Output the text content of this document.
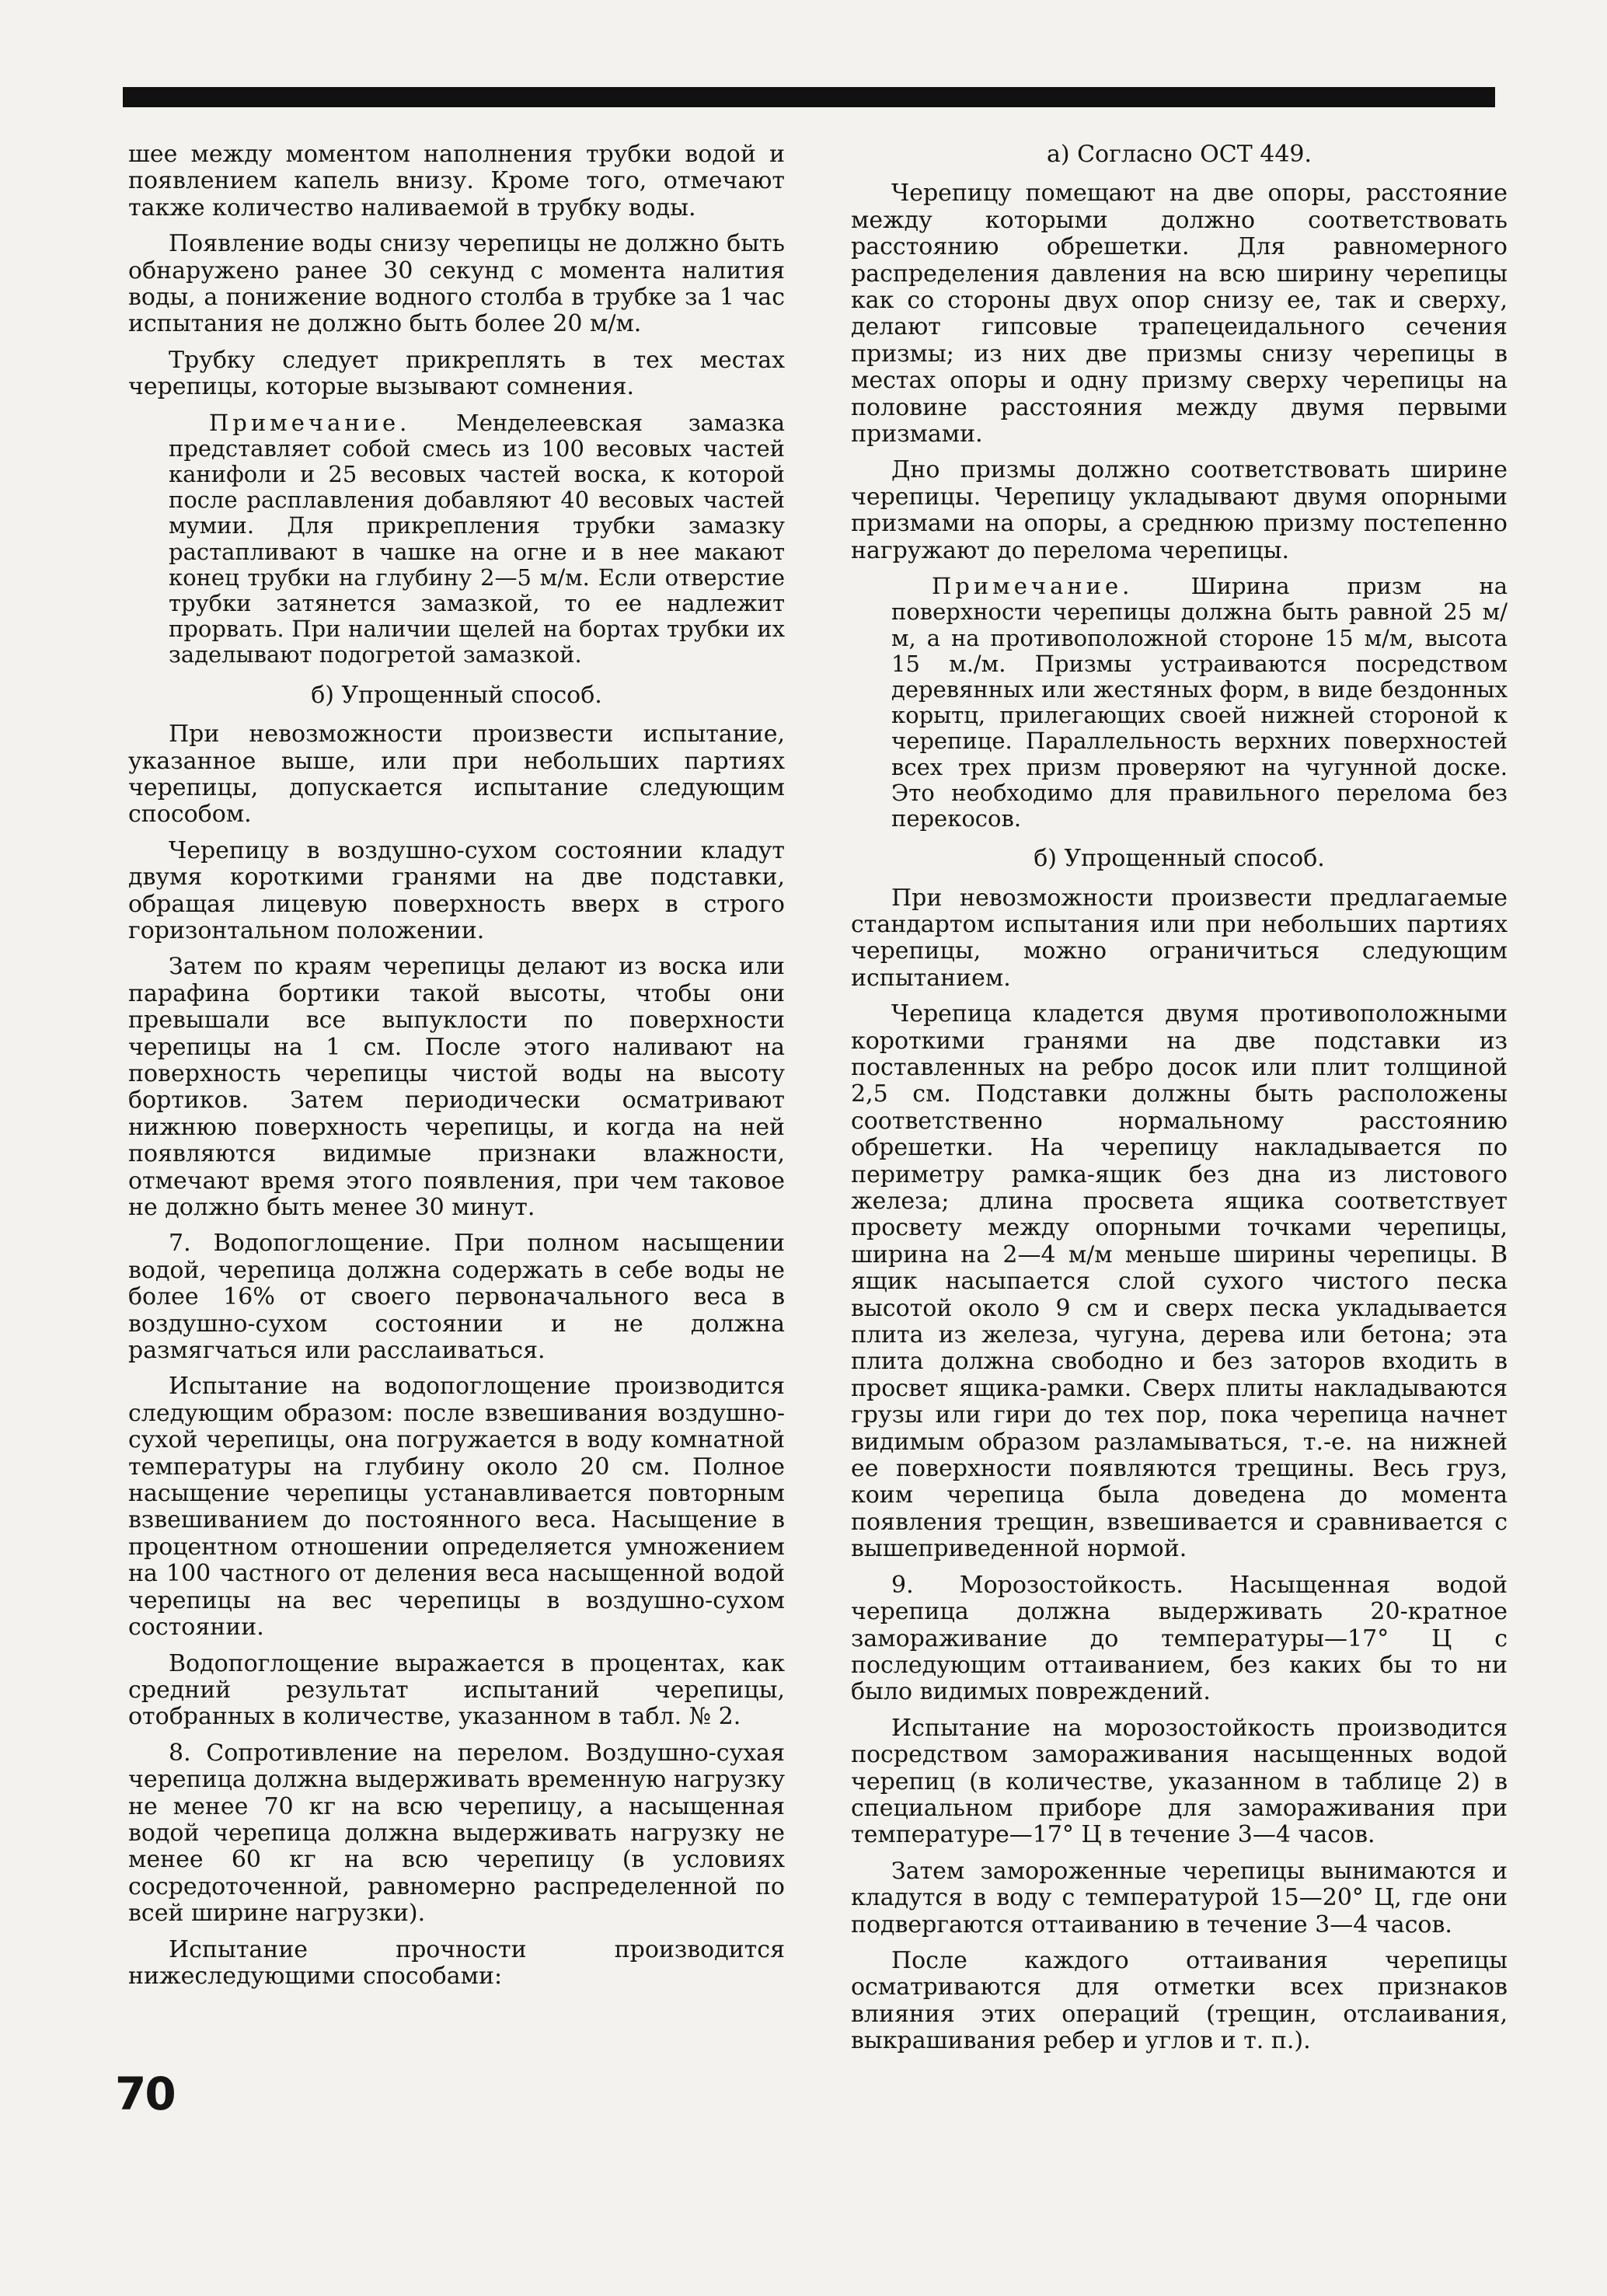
шее между моментом наполнения трубки водой и появлением капель внизу. Кроме того, отмечают также количество наливаемой в трубку воды.

Появление воды снизу черепицы не должно быть обнаружено ранее 30 секунд с момента налития воды, а понижение водного столба в трубке за 1 час испытания не должно быть более 20 м/м.

Трубку следует прикреплять в тех местах черепицы, которые вызывают сомнения.

Примечание. Менделеевская замазка представляет собой смесь из 100 весовых частей канифоли и 25 весовых частей воска, к которой после расплавления добавляют 40 весовых частей мумии. Для прикрепления трубки замазку растапливают в чашке на огне и в нее макают конец трубки на глубину 2—5 м/м. Если отверстие трубки затянется замазкой, то ее надлежит прорвать. При наличии щелей на бортах трубки их заделывают подогретой замазкой.

б) Упрощенный способ.

При невозможности произвести испытание, указанное выше, или при небольших партиях черепицы, допускается испытание следующим способом.

Черепицу в воздушно-сухом состоянии кладут двумя короткими гранями на две подставки, обращая лицевую поверхность вверх в строго горизонтальном положении.

Затем по краям черепицы делают из воска или парафина бортики такой высоты, чтобы они превышали все выпуклости по поверхности черепицы на 1 см. После этого наливают на поверхность черепицы чистой воды на высоту бортиков. Затем периодически осматривают нижнюю поверхность черепицы, и когда на ней появляются видимые признаки влажности, отмечают время этого появления, при чем таковое не должно быть менее 30 минут.

7. Водопоглощение. При полном насыщении водой, черепица должна содержать в себе воды не более 16% от своего первоначального веса в воздушно-сухом состоянии и не должна размягчаться или расслаиваться.

Испытание на водопоглощение производится следующим образом: после взвешивания воздушно-сухой черепицы, она погружается в воду комнатной температуры на глубину около 20 см. Полное насыщение черепицы устанавливается повторным взвешиванием до постоянного веса. Насыщение в процентном отношении определяется умножением на 100 частного от деления веса насыщенной водой черепицы на вес черепицы в воздушно-сухом состоянии.

Водопоглощение выражается в процентах, как средний результат испытаний черепицы, отобранных в количестве, указанном в табл. № 2.

8. Сопротивление на перелом. Воздушно-сухая черепица должна выдерживать временную нагрузку не менее 70 кг на всю черепицу, а насыщенная водой черепица должна выдерживать нагрузку не менее 60 кг на всю черепицу (в условиях сосредоточенной, равномерно распределенной по всей ширине нагрузки).

Испытание прочности производится нижеследующими способами:

а) Согласно ОСТ 449.

Черепицу помещают на две опоры, расстояние между которыми должно соответствовать расстоянию обрешетки. Для равномерного распределения давления на всю ширину черепицы как со стороны двух опор снизу ее, так и сверху, делают гипсовые трапецеидального сечения призмы; из них две призмы снизу черепицы в местах опоры и одну призму сверху черепицы на половине расстояния между двумя первыми призмами.

Дно призмы должно соответствовать ширине черепицы. Черепицу укладывают двумя опорными призмами на опоры, а среднюю призму постепенно нагружают до перелома черепицы.

Примечание.	Ширина призм на поверхности черепицы должна быть равной 25 м/м, а на противоположной стороне 15 м/м, высота 15 м./м. Призмы устраиваются посредством деревянных или жестяных форм, в виде бездонных корытц, прилегающих своей нижней стороной к черепице. Параллельность верхних поверхностей всех трех призм проверяют на чугунной доске. Это необходимо для правильного перелома без перекосов.

б) Упрощенный способ.

При невозможности произвести предлагаемые стандартом испытания или при небольших партиях черепицы, можно ограничиться следующим испытанием.

Черепица кладется двумя противоположными короткими гранями на две подставки из поставленных на ребро досок или плит толщиной 2,5 см. Подставки должны быть расположены соответственно нормальному расстоянию обрешетки. На черепицу накладывается по периметру рамка-ящик без дна из листового железа; длина просвета ящика соответствует просвету между опорными точками черепицы, ширина на 2—4 м/м меньше ширины черепицы. В ящик насыпается слой сухого чистого песка высотой около 9 см и сверх песка укладывается плита из железа, чугуна, дерева или бетона; эта плита должна свободно и без заторов входить в просвет ящика-рамки. Сверх плиты накладываются грузы или гири до тех пор, пока черепица начнет видимым образом разламываться, т.-е. на нижней ее поверхности появляются трещины. Весь груз, коим черепица была доведена до момента появления трещин, взвешивается и сравнивается с вышеприведенной нормой.

9. Морозостойкость. Насыщенная водой черепица должна выдерживать 20-кратное замораживание до температуры—17° Ц с последующим оттаиванием, без каких бы то ни было видимых повреждений.

Испытание на морозостойкость производится посредством замораживания насыщенных водой черепиц (в количестве, указанном в таблице 2) в специальном приборе для замораживания при температуре—17° Ц в течение 3—4 часов.

Затем замороженные черепицы вынимаются и кладутся в воду с температурой 15—20° Ц, где они подвергаются оттаиванию в течение 3—4 часов.

После каждого оттаивания черепицы осматриваются для отметки всех признаков влияния этих операций (трещин, отслаивания, выкрашивания ребер и углов и т. п.).

70
